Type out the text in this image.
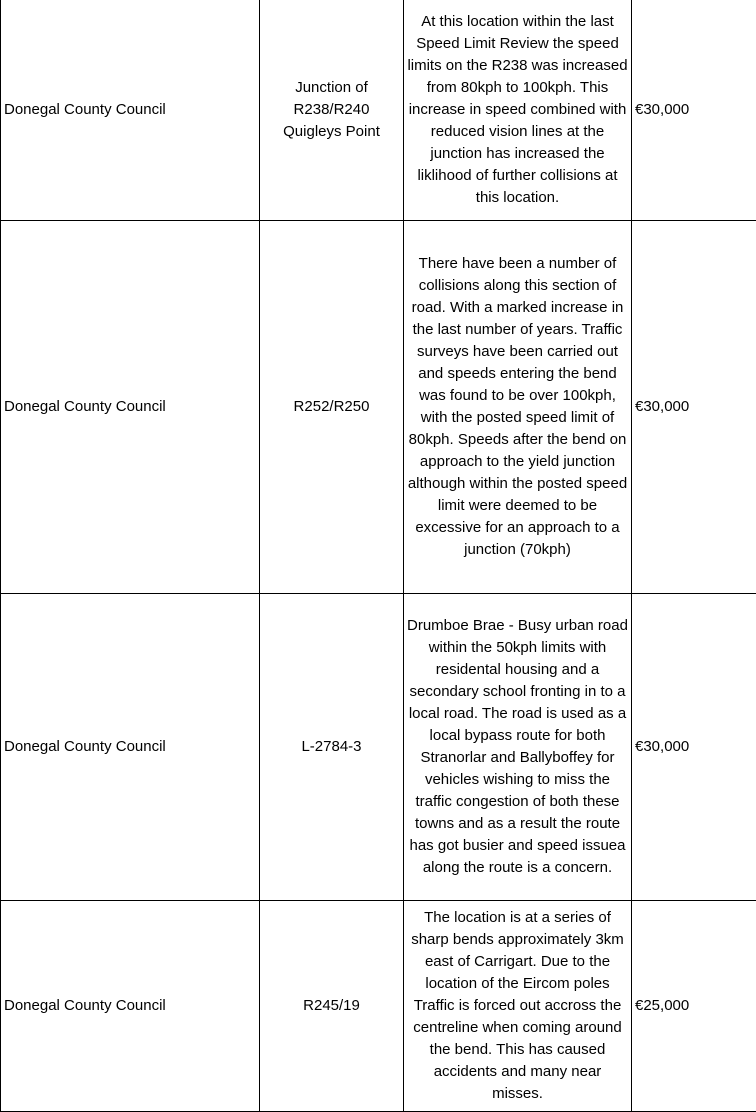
Donegal County Council	Junction of R238/R240 Quigleys Point	At this location within the last Speed Limit Review the speed limits on the R238 was increased from 80kph to 100kph. This increase in speed combined with reduced vision lines at the junction has increased the liklihood of further collisions at this location.	€30,000
Donegal County Council	R252/R250	There have been a number of collisions along this section of road. With a marked increase in the last number of years. Traffic surveys have been carried out and speeds entering the bend was found to be over 100kph, with the posted speed limit of 80kph. Speeds after the bend on approach to the yield junction although within the posted speed limit were deemed to be excessive for an approach to a junction (70kph)	€30,000
Donegal County Council	L-2784-3	Drumboe Brae - Busy urban road within the 50kph limits with residental housing and a secondary school fronting in to a local road. The road is used as a local bypass route for both Stranorlar and Ballyboffey for vehicles wishing to miss the traffic congestion of both these towns and as a result the route has got busier and speed issuea along the route is a concern.	€30,000
Donegal County Council	R245/19	The location is at a series of sharp bends approximately 3km east of Carrigart. Due to the location of the Eircom poles Traffic is forced out accross the centreline when coming around the bend. This has caused accidents and many near misses.	€25,000
